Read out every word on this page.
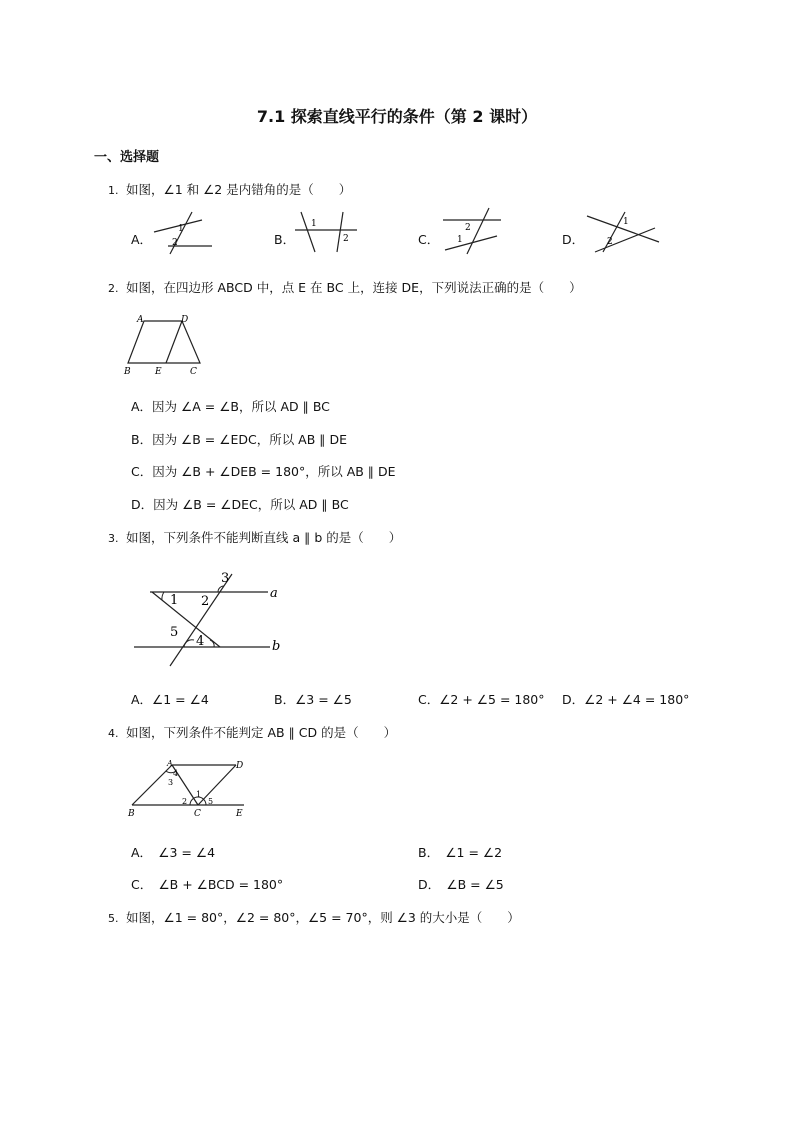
7.1 探索直线平行的条件（第 2 课时）
一、选择题
1. 如图，∠1 和 ∠2 是内错角的是（　　）
A．
1
2	B．
1
2	C．
2
1	D．
1
2
2. 如图，在四边形 ABCD 中，点 E 在 BC 上，连接 DE，下列说法正确的是（　　）
A	D
B	E	C
A．因为 ∠A = ∠B，所以 AD ∥ BC
B．因为 ∠B = ∠EDC，所以 AB ∥ DE
C．因为 ∠B + ∠DEB = 180°，所以 AB ∥ DE
D．因为 ∠B = ∠DEC，所以 AD ∥ BC
3. 如图，下列条件不能判断直线 a ∥ b 的是（　　）
1 2
3
4
5
a
b
A．∠1 = ∠4	B．∠3 = ∠5	C．∠2 + ∠5 = 180° D．∠2 + ∠4 = 180°
4. 如图，下列条件不能判定 AB ∥ CD 的是（　　）
A	D
B	C	E
3
4
1
2	5
A．　∠3 = ∠4	B．　∠1 = ∠2
C．　∠B + ∠BCD = 180°	D．　∠B = ∠5
5. 如图，∠1 = 80°，∠2 = 80°，∠5 = 70°，则 ∠3 的大小是（　　）
